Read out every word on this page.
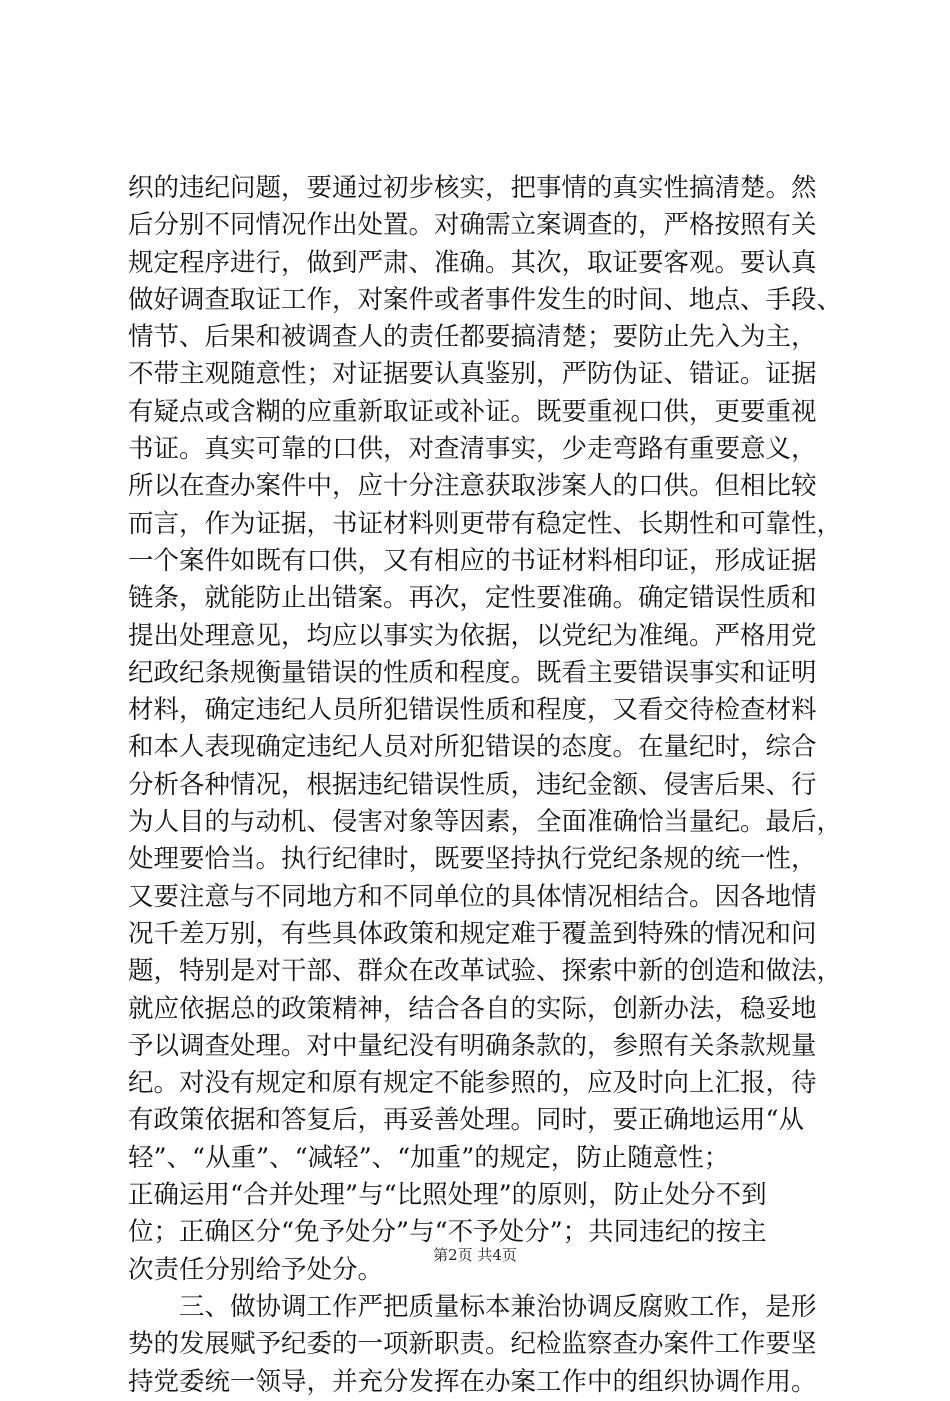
织的违纪问题，要通过初步核实，把事情的真实性搞清楚。然
后分别不同情况作出处置。对确需立案调查的，严格按照有关
规定程序进行，做到严肃、准确。其次，取证要客观。要认真
做好调查取证工作，对案件或者事件发生的时间、地点、手段、
情节、后果和被调查人的责任都要搞清楚；要防止先入为主，
不带主观随意性；对证据要认真鉴别，严防伪证、错证。证据
有疑点或含糊的应重新取证或补证。既要重视口供，更要重视
书证。真实可靠的口供，对查清事实，少走弯路有重要意义，
所以在查办案件中，应十分注意获取涉案人的口供。但相比较
而言，作为证据，书证材料则更带有稳定性、长期性和可靠性，
一个案件如既有口供，又有相应的书证材料相印证，形成证据
链条，就能防止出错案。再次，定性要准确。确定错误性质和
提出处理意见，均应以事实为依据，以党纪为准绳。严格用党
纪政纪条规衡量错误的性质和程度。既看主要错误事实和证明
材料，确定违纪人员所犯错误性质和程度，又看交待检查材料
和本人表现确定违纪人员对所犯错误的态度。在量纪时，综合
分析各种情况，根据违纪错误性质，违纪金额、侵害后果、行
为人目的与动机、侵害对象等因素，全面准确恰当量纪。最后，
处理要恰当。执行纪律时，既要坚持执行党纪条规的统一性，
又要注意与不同地方和不同单位的具体情况相结合。因各地情
况千差万别，有些具体政策和规定难于覆盖到特殊的情况和问
题，特别是对干部、群众在改革试验、探索中新的创造和做法，
就应依据总的政策精神，结合各自的实际，创新办法，稳妥地
予以调查处理。对中量纪没有明确条款的，参照有关条款规量
纪。对没有规定和原有规定不能参照的，应及时向上汇报，待
有政策依据和答复后，再妥善处理。同时，要正确地运用“从
轻”、“从重”、“减轻”、“加重”的规定，防止随意性；
正确运用“合并处理”与“比照处理”的原则，防止处分不到
位；正确区分“免予处分”与“不予处分”；共同违纪的按主
次责任分别给予处分。
三、做协调工作严把质量标本兼治协调反腐败工作，是形
势的发展赋予纪委的一项新职责。纪检监察查办案件工作要坚
持党委统一领导，并充分发挥在办案工作中的组织协调作用。
第2页 共4页
